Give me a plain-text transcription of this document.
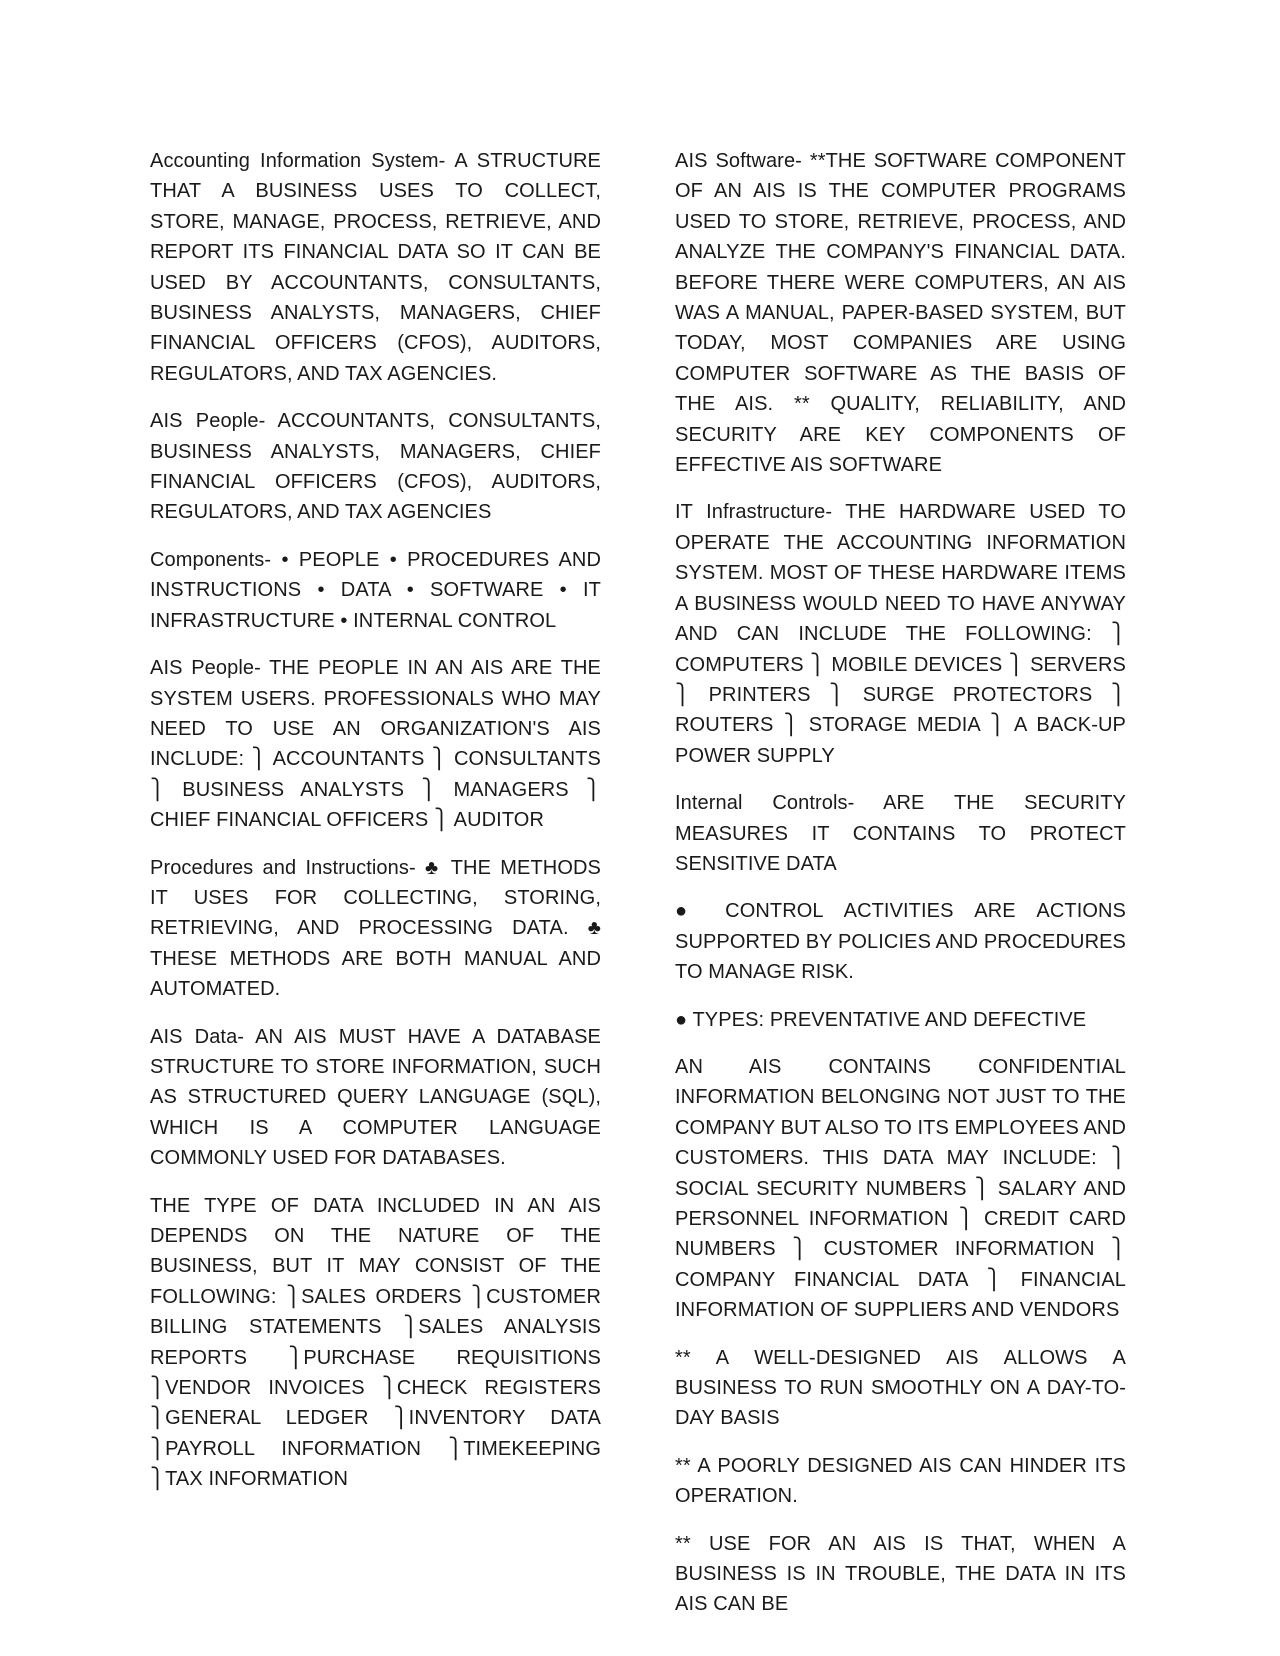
Accounting Information System- A STRUCTURE THAT A BUSINESS USES TO COLLECT, STORE, MANAGE, PROCESS, RETRIEVE, AND REPORT ITS FINANCIAL DATA SO IT CAN BE USED BY ACCOUNTANTS, CONSULTANTS, BUSINESS ANALYSTS, MANAGERS, CHIEF FINANCIAL OFFICERS (CFOS), AUDITORS, REGULATORS, AND TAX AGENCIES.

AIS People- ACCOUNTANTS, CONSULTANTS, BUSINESS ANALYSTS, MANAGERS, CHIEF FINANCIAL OFFICERS (CFOS), AUDITORS, REGULATORS, AND TAX AGENCIES

Components- • PEOPLE • PROCEDURES AND INSTRUCTIONS • DATA • SOFTWARE • IT INFRASTRUCTURE • INTERNAL CONTROL

AIS People- THE PEOPLE IN AN AIS ARE THE SYSTEM USERS. PROFESSIONALS WHO MAY NEED TO USE AN ORGANIZATION'S AIS INCLUDE: ⎫ ACCOUNTANTS ⎫ CONSULTANTS ⎫ BUSINESS ANALYSTS ⎫ MANAGERS ⎫ CHIEF FINANCIAL OFFICERS ⎫ AUDITOR

Procedures and Instructions- ♣ THE METHODS IT USES FOR COLLECTING, STORING, RETRIEVING, AND PROCESSING DATA. ♣ THESE METHODS ARE BOTH MANUAL AND AUTOMATED.

AIS Data- AN AIS MUST HAVE A DATABASE STRUCTURE TO STORE INFORMATION, SUCH AS STRUCTURED QUERY LANGUAGE (SQL), WHICH IS A COMPUTER LANGUAGE COMMONLY USED FOR DATABASES.

THE TYPE OF DATA INCLUDED IN AN AIS DEPENDS ON THE NATURE OF THE BUSINESS, BUT IT MAY CONSIST OF THE FOLLOWING: ⎫SALES ORDERS ⎫CUSTOMER BILLING STATEMENTS ⎫SALES ANALYSIS REPORTS ⎫PURCHASE REQUISITIONS ⎫VENDOR INVOICES ⎫CHECK REGISTERS ⎫GENERAL LEDGER ⎫INVENTORY DATA ⎫PAYROLL INFORMATION ⎫TIMEKEEPING ⎫TAX INFORMATION

AIS Software- **THE SOFTWARE COMPONENT OF AN AIS IS THE COMPUTER PROGRAMS USED TO STORE, RETRIEVE, PROCESS, AND ANALYZE THE COMPANY'S FINANCIAL DATA. BEFORE THERE WERE COMPUTERS, AN AIS WAS A MANUAL, PAPER-BASED SYSTEM, BUT TODAY, MOST COMPANIES ARE USING COMPUTER SOFTWARE AS THE BASIS OF THE AIS. ** QUALITY, RELIABILITY, AND SECURITY ARE KEY COMPONENTS OF EFFECTIVE AIS SOFTWARE

IT Infrastructure- THE HARDWARE USED TO OPERATE THE ACCOUNTING INFORMATION SYSTEM. MOST OF THESE HARDWARE ITEMS A BUSINESS WOULD NEED TO HAVE ANYWAY AND CAN INCLUDE THE FOLLOWING: ⎫ COMPUTERS ⎫ MOBILE DEVICES ⎫ SERVERS ⎫ PRINTERS ⎫ SURGE PROTECTORS ⎫ ROUTERS ⎫ STORAGE MEDIA ⎫ A BACK-UP POWER SUPPLY

Internal Controls- ARE THE SECURITY MEASURES IT CONTAINS TO PROTECT SENSITIVE DATA

● CONTROL ACTIVITIES ARE ACTIONS SUPPORTED BY POLICIES AND PROCEDURES TO MANAGE RISK.

● TYPES: PREVENTATIVE AND DEFECTIVE

AN AIS CONTAINS CONFIDENTIAL INFORMATION BELONGING NOT JUST TO THE COMPANY BUT ALSO TO ITS EMPLOYEES AND CUSTOMERS. THIS DATA MAY INCLUDE: ⎫ SOCIAL SECURITY NUMBERS ⎫ SALARY AND PERSONNEL INFORMATION ⎫ CREDIT CARD NUMBERS ⎫ CUSTOMER INFORMATION ⎫ COMPANY FINANCIAL DATA ⎫ FINANCIAL INFORMATION OF SUPPLIERS AND VENDORS

** A WELL-DESIGNED AIS ALLOWS A BUSINESS TO RUN SMOOTHLY ON A DAY-TO-DAY BASIS

** A POORLY DESIGNED AIS CAN HINDER ITS OPERATION.

** USE FOR AN AIS IS THAT, WHEN A BUSINESS IS IN TROUBLE, THE DATA IN ITS AIS CAN BE
